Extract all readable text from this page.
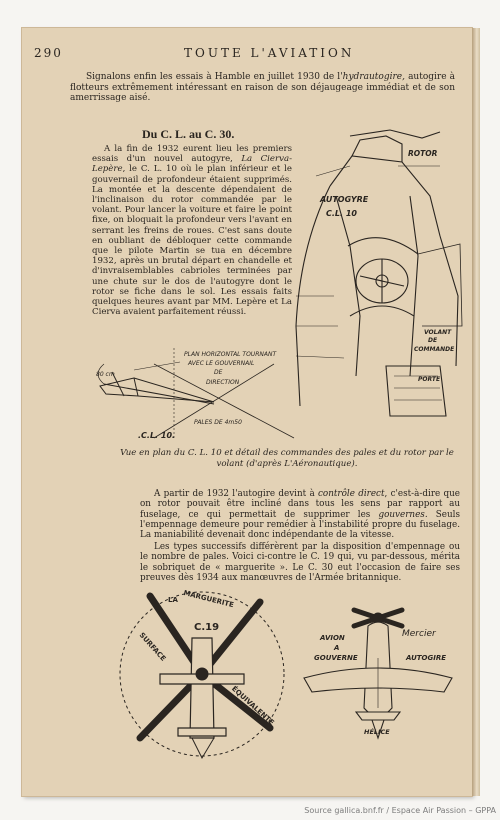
290	TOUTE L'AVIATION
Signalons enfin les essais à Hamble en juillet 1930 de l'hydrautogire, autogire à flotteurs extrêmement intéressant en raison de son déjaugeage immédiat et de son amerrissage aisé.
Du C. L. au C. 30.
A la fin de 1932 eurent lieu les premiers essais d'un nouvel autogyre, La Cierva-Lepère, le C. L. 10 où le plan inférieur et le gouvernail de profondeur étaient supprimés. La montée et la descente dépendaient de l'inclinaison du rotor commandée par le volant. Pour lancer la voiture et faire le point fixe, on bloquait la profondeur vers l'avant en serrant les freins de roues. C'est sans doute en oubliant de débloquer cette commande que le pilote Martin se tua en décembre 1932, après un brutal départ en chandelle et d'invraisemblables cabrioles terminées par une chute sur le dos de l'autogyre dont le rotor se fiche dans le sol. Les essais faits quelques heures avant par MM. Lepère et La Cierva avaient parfaitement réussi.
ROTOR
AUTOGYRE
C.L. 10
VOLANT
DE
COMMANDE
PORTE
PLAN HORIZONTAL TOURNANT
AVEC LE GOUVERNAIL
DE
DIRECTION
80 cm
PALES DE 4m50
.C.L. 10.
Vue en plan du C. L. 10 et détail des commandes des pales et du rotor par le volant (d'après L'Aéronautique).
A partir de 1932 l'autogire devint à contrôle direct, c'est-à-dire que on rotor pouvait être incliné dans tous les sens par rapport au fuselage, ce qui permettait de supprimer les gouvernes. Seuls l'empennage demeure pour remédier à l'instabilité propre du fuselage. La maniabilité devenait donc indépendante de la vitesse.
Les types successifs différèrent par la disposition d'empennage ou le nombre de pales. Voici ci-contre le C. 19 qui, vu par-dessous, mérita le sobriquet de « marguerite ». Le C. 30 eut l'occasion de faire ses preuves dès 1934 aux manœuvres de l'Armée britannique.
LA MARGUERITE
C.19
SURFACE
ÉQUIVALENTE
AVION
A
GOUVERNE
Mercier
AUTOGIRE
HÉLICE
Source gallica.bnf.fr / Espace Air Passion – GPPA
